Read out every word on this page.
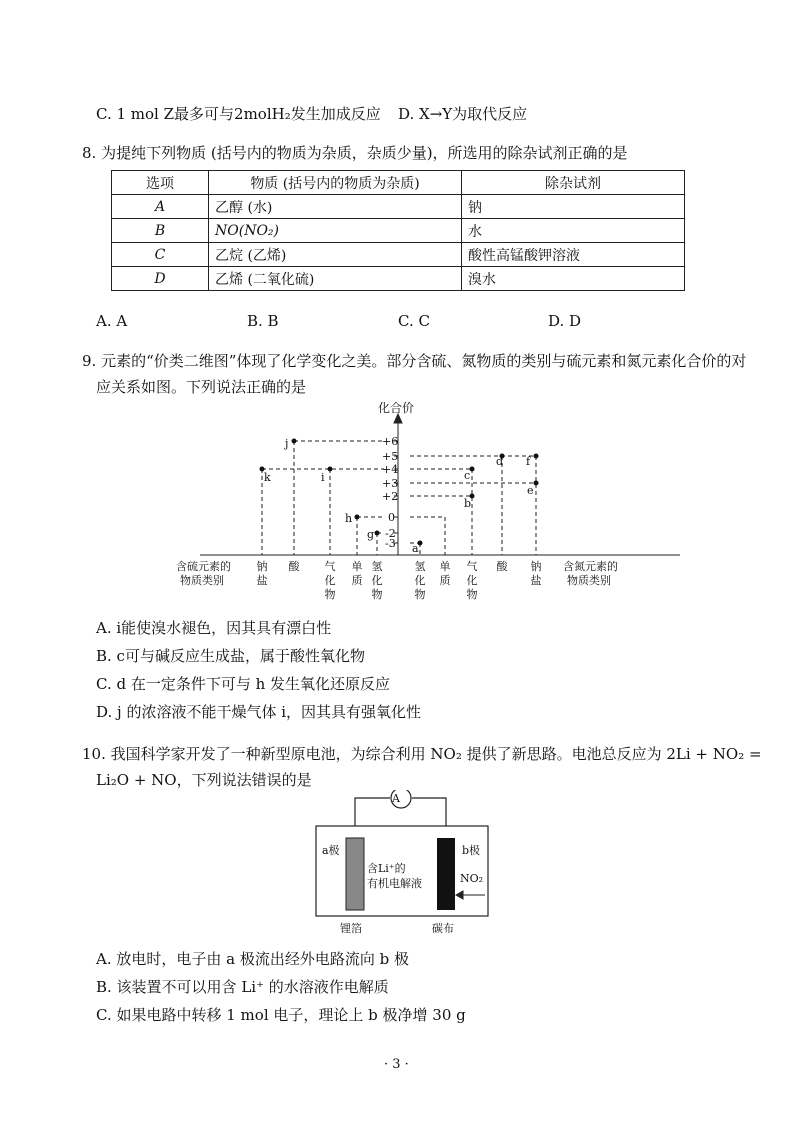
C. 1 mol Z最多可与2molH₂发生加成反应 D. X→Y为取代反应
8. 为提纯下列物质 (括号内的物质为杂质，杂质少量)，所选用的除杂试剂正确的是
选项	物质 (括号内的物质为杂质)	除杂试剂
A	乙醇 (水)	钠
B	NO(NO₂)	水
C	乙烷 (乙烯)	酸性高锰酸钾溶液
D	乙烯 (二氧化硫)	溴水
A. A	B. B	C. C	D. D
9. 元素的“价类二维图”体现了化学变化之美。部分含硫、氮物质的类别与硫元素和氮元素化合价的对
应关系如图。下列说法正确的是
化合价
+6
+5
+4
+3
+2
0
-2
-3
j
d f
k	i	c
e
b
h
g
a
含硫元素的
物质类别
含氮元素的
物质类别
钠盐
酸 气化物
单质
氢化物
氢化物
单质
气化物
酸 钠盐
A. i能使溴水褪色，因其具有漂白性
B. c可与碱反应生成盐，属于酸性氧化物
C. d 在一定条件下可与 h 发生氧化还原反应
D. j 的浓溶液不能干燥气体 i，因其具有强氧化性
10. 我国科学家开发了一种新型原电池，为综合利用 NO₂ 提供了新思路。电池总反应为 2Li + NO₂ =
Li₂O + NO，下列说法错误的是
A
a极	b极
含Li⁺的
有机电解液	NO₂
锂箔	碳布
A. 放电时，电子由 a 极流出经外电路流向 b 极
B. 该装置不可以用含 Li⁺ 的水溶液作电解质
C. 如果电路中转移 1 mol 电子，理论上 b 极净增 30 g
· 3 ·
